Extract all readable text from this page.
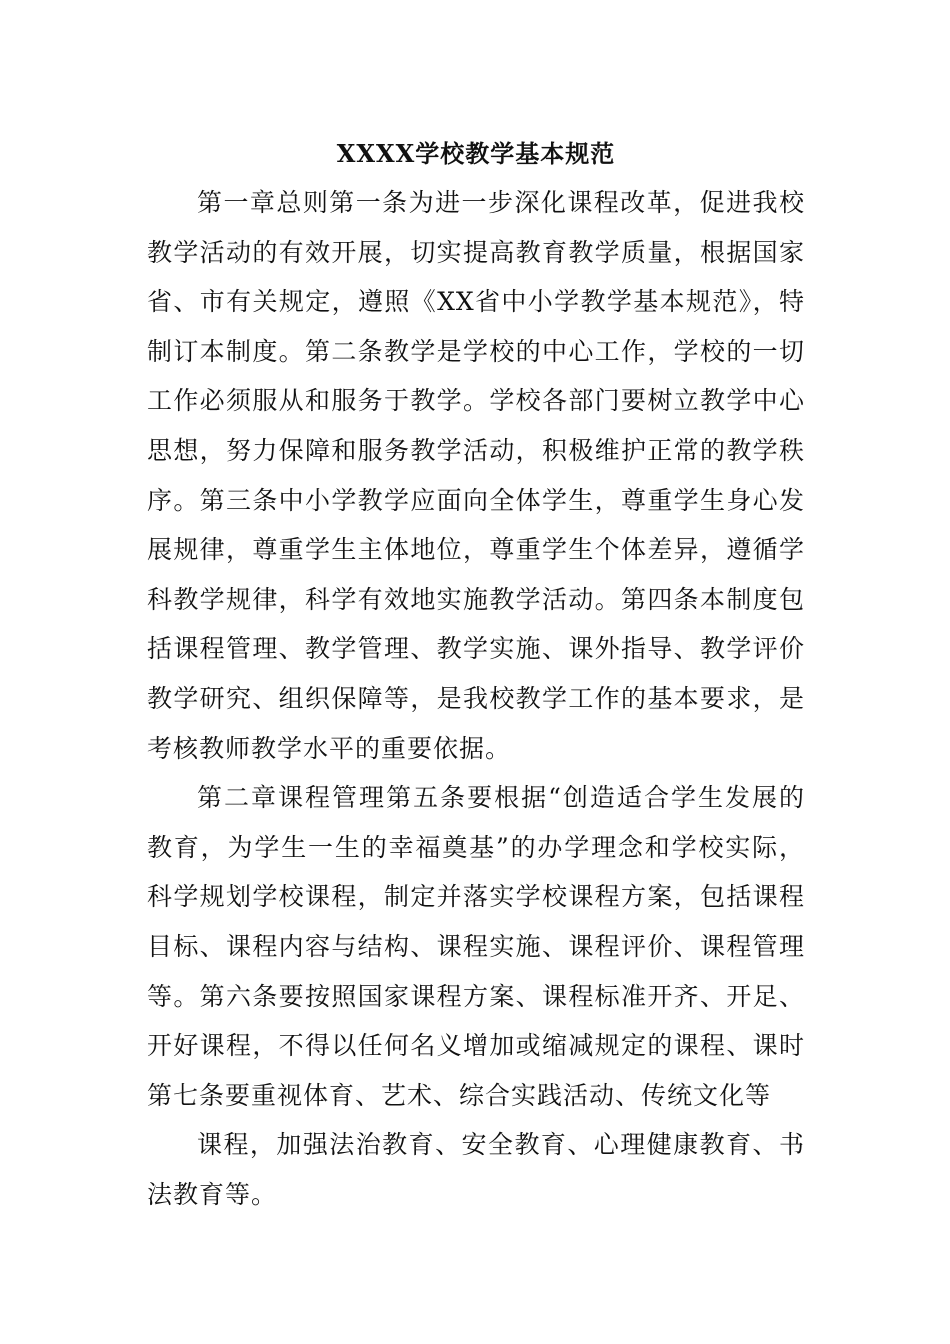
XXXX学校教学基本规范

第一章总则第一条为进一步深化课程改革，促进我校教学活动的有效开展，切实提高教育教学质量，根据国家省、市有关规定，遵照《XX省中小学教学基本规范》，特制订本制度。第二条教学是学校的中心工作，学校的一切工作必须服从和服务于教学。学校各部门要树立教学中心思想，努力保障和服务教学活动，积极维护正常的教学秩序。第三条中小学教学应面向全体学生，尊重学生身心发展规律，尊重学生主体地位，尊重学生个体差异，遵循学科教学规律，科学有效地实施教学活动。第四条本制度包括课程管理、教学管理、教学实施、课外指导、教学评价教学研究、组织保障等，是我校教学工作的基本要求，是考核教师教学水平的重要依据。

第二章课程管理第五条要根据“创造适合学生发展的教育，为学生一生的幸福奠基”的办学理念和学校实际，科学规划学校课程，制定并落实学校课程方案，包括课程目标、课程内容与结构、课程实施、课程评价、课程管理等。第六条要按照国家课程方案、课程标准开齐、开足、开好课程，不得以任何名义增加或缩减规定的课程、课时第七条要重视体育、艺术、综合实践活动、传统文化等

课程，加强法治教育、安全教育、心理健康教育、书法教育等。
